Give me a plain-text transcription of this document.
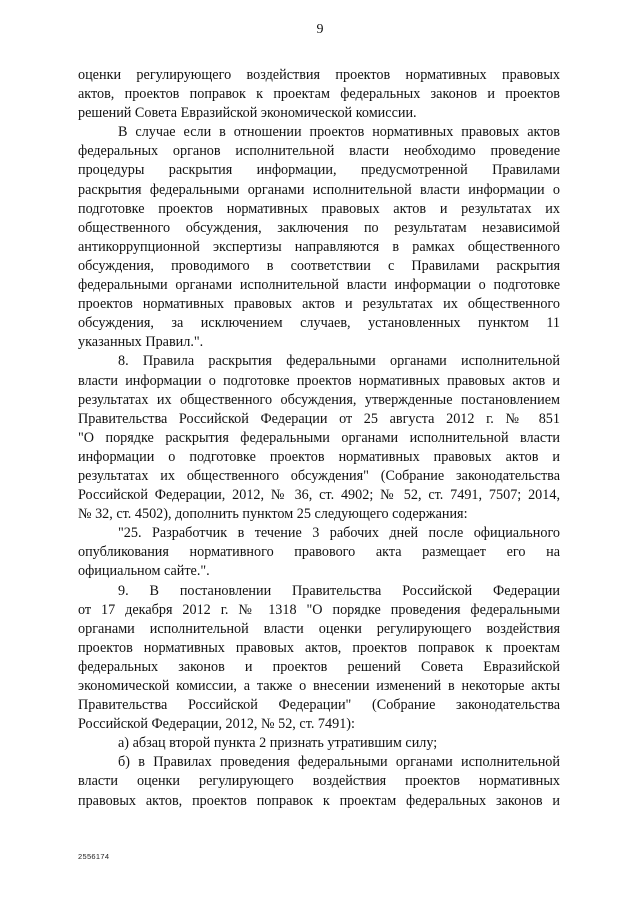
9
оценки регулирующего воздействия проектов нормативных правовых
актов, проектов поправок к проектам федеральных законов и проектов
решений Совета Евразийской экономической комиссии.
В случае если в отношении проектов нормативных правовых актов
федеральных органов исполнительной власти необходимо проведение
процедуры раскрытия информации, предусмотренной Правилами
раскрытия федеральными органами исполнительной власти информации о
подготовке проектов нормативных правовых актов и результатах их
общественного обсуждения, заключения по результатам независимой
антикоррупционной экспертизы направляются в рамках общественного
обсуждения, проводимого в соответствии с Правилами раскрытия
федеральными органами исполнительной власти информации о подготовке
проектов нормативных правовых актов и результатах их общественного
обсуждения, за исключением случаев, установленных пунктом 11
указанных Правил.".
8. Правила раскрытия федеральными органами исполнительной
власти информации о подготовке проектов нормативных правовых актов и
результатах их общественного обсуждения, утвержденные постановлением
Правительства Российской Федерации от 25 августа 2012 г. № 851
"О порядке раскрытия федеральными органами исполнительной власти
информации о подготовке проектов нормативных правовых актов и
результатах их общественного обсуждения" (Собрание законодательства
Российской Федерации, 2012, № 36, ст. 4902; № 52, ст. 7491, 7507; 2014,
№ 32, ст. 4502), дополнить пунктом 25 следующего содержания:
"25. Разработчик в течение 3 рабочих дней после официального
опубликования нормативного правового акта размещает его на
официальном сайте.".
9. В постановлении Правительства Российской Федерации
от 17 декабря 2012 г. № 1318 "О порядке проведения федеральными
органами исполнительной власти оценки регулирующего воздействия
проектов нормативных правовых актов, проектов поправок к проектам
федеральных законов и проектов решений Совета Евразийской
экономической комиссии, а также о внесении изменений в некоторые акты
Правительства Российской Федерации" (Собрание законодательства
Российской Федерации, 2012, № 52, ст. 7491):
а) абзац второй пункта 2 признать утратившим силу;
б) в Правилах проведения федеральными органами исполнительной
власти оценки регулирующего воздействия проектов нормативных
правовых актов, проектов поправок к проектам федеральных законов и
2556174
